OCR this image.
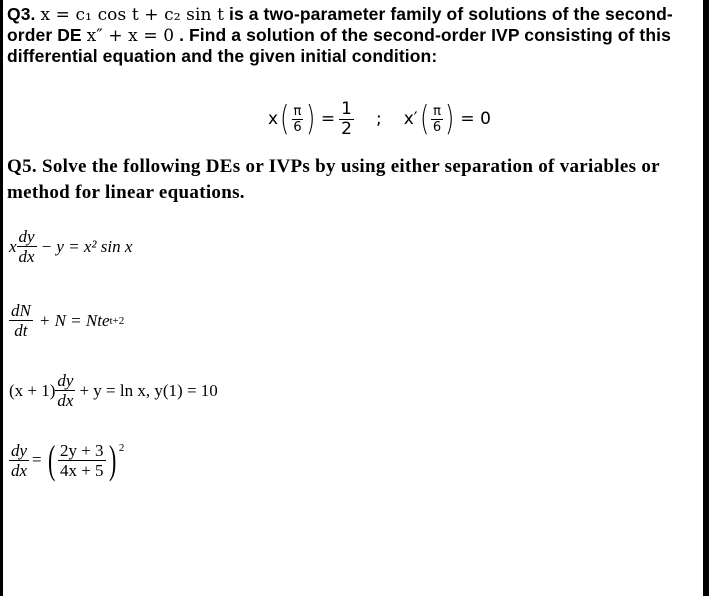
Q3. x = c₁ cos t + c₂ sin t is a two-parameter family of solutions of the second-
order DE x″ + x = 0 . Find a solution of the second-order IVP consisting of this
differential equation and the given initial condition:
x ( $\frac{\pi}{6}$ ) = $\frac{1}{2}$ ; x′ ( $\frac{\pi}{6}$ ) = 0
Q5. Solve the following DEs or IVPs by using either separation of variables or
method for linear equations.
x $\frac{dy}{dx} - y = x^2$ sin x
$\frac{dN}{dt} + N$ = Nte t+2
$(x + 1) \frac{dy}{dx} + y = \ln x$, y(1) = 10
$\frac{dy}{dx}$ = ( $\frac{2y + 3}{4x + 5}$ ) $^2$
